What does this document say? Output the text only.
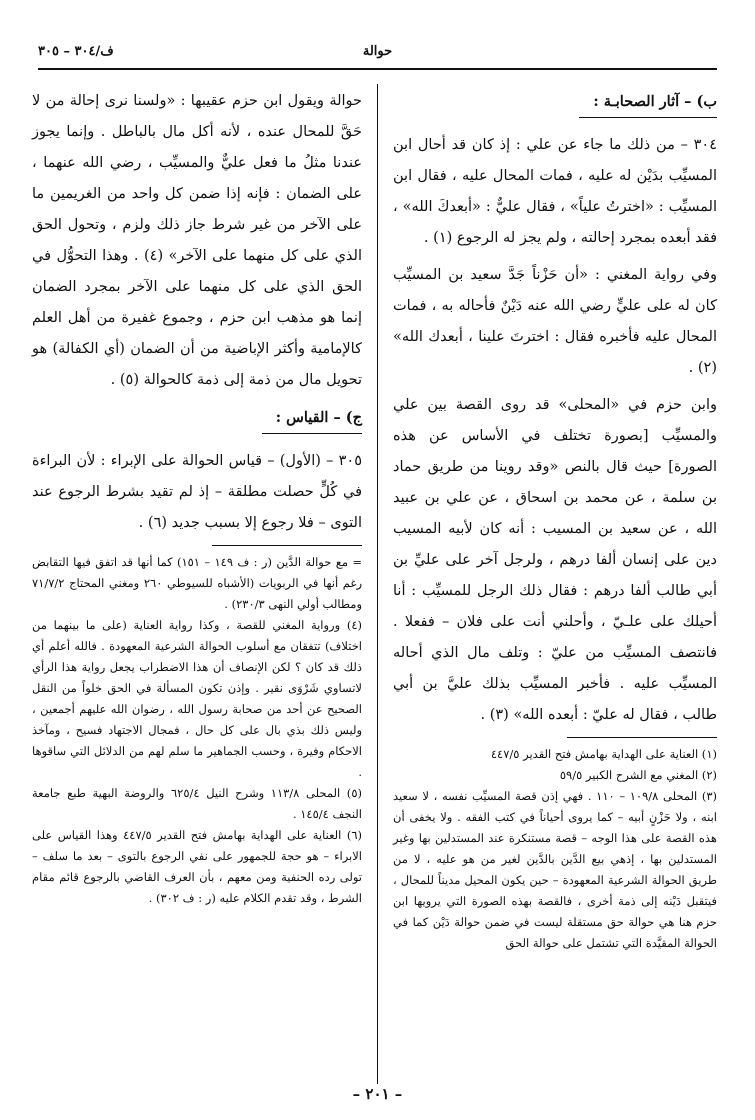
حوالة
ف/٣٠٤ – ٣٠٥
ب) – آثار الصحابـة :

٣٠٤ – من ذلك ما جاء عن علي : إذ كان قد أحال ابن المسيِّب بدَيْن له عليه ، فمات المحال عليه ، فقال ابن المسيِّب : «اخترتُ علياً» ، فقال عليٌّ : «أبعدكَ الله» ، فقد أبعده بمجرد إحالته ، ولم يجز له الرجوع (١) .

وفي رواية المغني : «أن حَزْناً جَدَّ سعيد بن المسيِّب كان له على عليٍّ رضي الله عنه دَيْنٌ فأحاله به ، فمات المحال عليه فأخبره فقال : اخترتَ علينا ، أبعدك الله» (٢) .

وابن حزم في «المحلى» قد روى القصة بين علي والمسيِّب [بصورة تختلف في الأساس عن هذه الصورة] حيث قال بالنص «وقد روينا من طريق حماد بن سلمة ، عن محمد بن اسحاق ، عن علي بن عبيد الله ، عن سعيد بن المسيب : أنه كان لأبيه المسيب دين على إنسان ألفا درهم ، ولرجل آخر على عليِّ بن أبي طالب ألفا درهم : فقال ذلك الرجل للمسيِّب : أنا أحيلك على علـيّ ، وأحلني أنت على فلان – ففعلا . فانتصف المسيِّب من عليّ : وتلف مال الذي أحاله المسيِّب عليه . فأخبر المسيِّب بذلك عليَّ بن أبي طالب ، فقال له عليّ : أبعده الله» (٣) .

(١) العناية على الهداية بهامش فتح القدير ٤٤٧/٥
(٢) المغني مع الشرح الكبير ٥٩/٥
(٣) المحلى ١٠٩/٨ – ١١٠ . فهي إذن قصة المسيِّب نفسه ، لا سعيد ابنه ، ولا حَزْنٍ أبيه – كما يروى أحياناً في كتب الفقه . ولا يخفى أن هذه القصة على هذا الوجه – قصة مستنكرة عند المستدلين بها وغير المستدلين بها ، إذهي بيع الدَّين بالدَّين لغير من هو عليه ، لا من طريق الحوالة الشرعية المعهودة – حين يكون المحيل مديناً للمحال ، فيتقبل دَيْنه إلى ذمة أخرى ، فالقصة بهذه الصورة التي يرويها ابن حزم هنا هي حوالة حق مستقلة ليست في ضمن حوالة دَيْن كما في الحوالة المقيَّدة التي تشتمل على حوالة الحق

حوالة ويقول ابن حزم عقيبها : «ولسنا نرى إحالة من لا حَقَّ للمحال عنده ، لأنه أكل مال بالباطل . وإنما يجوز عندنا مثلُ ما فعل عليٌّ والمسيِّب ، رضي الله عنهما ، على الضمان : فإنه إذا ضمن كل واحد من الغريمين ما على الآخر من غير شرط جاز ذلك ولزم ، وتحول الحق الذي على كل منهما على الآخر» (٤) . وهذا التحوُّل في الحق الذي على كل منهما على الآخر بمجرد الضمان إنما هو مذهب ابن حزم ، وجموع غفيرة من أهل العلم كالإمامية وأكثر الإباضية من أن الضمان (أي الكفالة) هو تحويل مال من ذمة إلى ذمة كالحوالة (٥) .

ج) – القياس :

٣٠٥ – (الأول) – قياس الحوالة على الإبراء : لأن البراءة في كُلٍّ حصلت مطلقة – إذ لم تقيد بشرط الرجوع عند التوى – فلا رجوع إلا بسبب جديد (٦) .

= مع حوالة الدَّين (ر : ف ١٤٩ – ١٥١) كما أنها قد اتفق فيها التقابض رغم أنها في الربويات (الأشباه للسيوطي ٢٦٠ ومغني المحتاج ٧١/٧/٢ ومطالب أولي النهى ٢٣٠/٣) .
(٤) ورواية المغني للقصة ، وكذا رواية العناية (على ما بينهما من اختلاف) تتفقان مع أسلوب الحوالة الشرعية المعهودة . فالله أعلم أي ذلك قد كان ؟ لكن الإنصاف أن هذا الاضطراب يجعل رواية هذا الرأي لاتساوي شَرْوَى نقير . وإذن تكون المسألة في الحق خلواً من النقل الصحيح عن أحد من صحابة رسول الله ، رضوان الله عليهم أجمعين ، وليس ذلك بذي بال على كل حال ، فمجال الاجتهاد فسيح ، ومآخذ الاحكام وفيرة ، وحسب الجماهير ما سلم لهم من الدلائل التي ساقوها .
(٥) المحلى ١١٣/٨ وشرح النيل ٦٢٥/٤ والروضة البهية طبع جامعة النجف ١٤٥/٤ .
(٦) العناية على الهداية بهامش فتح القدير ٤٤٧/٥ وهذا القياس على الابراء – هو حجة للجمهور على نفي الرجوع بالتوى – بعد ما سلف – تولى رده الحنفية ومن معهم ، بأن العرف القاضي بالرجوع قائم مقام الشرط ، وقد تقدم الكلام عليه (ر : ف ٣٠٢) .
– ٢٠١ –
